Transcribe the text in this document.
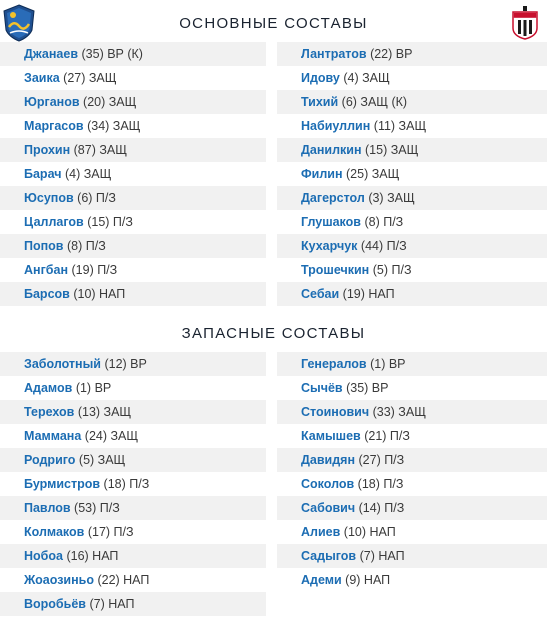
ОСНОВНЫЕ СОСТАВЫ
Джанаев (35) ВР (К)
Заика (27) ЗАЩ
Юрганов (20) ЗАЩ
Маргасов (34) ЗАЩ
Прохин (87) ЗАЩ
Барач (4) ЗАЩ
Юсупов (6) П/З
Цаллагов (15) П/З
Попов (8) П/З
Ангбан (19) П/З
Барсов (10) НАП
Лантратов (22) ВР
Идову (4) ЗАЩ
Тихий (6) ЗАЩ (К)
Набиуллин (11) ЗАЩ
Данилкин (15) ЗАЩ
Филин (25) ЗАЩ
Дагерстол (3) ЗАЩ
Глушаков (8) П/З
Кухарчук (44) П/З
Трошечкин (5) П/З
Себаи (19) НАП
ЗАПАСНЫЕ СОСТАВЫ
Заболотный (12) ВР
Адамов (1) ВР
Терехов (13) ЗАЩ
Маммана (24) ЗАЩ
Родриго (5) ЗАЩ
Бурмистров (18) П/З
Павлов (53) П/З
Колмаков (17) П/З
Нобоа (16) НАП
Жоаозиньо (22) НАП
Воробьёв (7) НАП
Генералов (1) ВР
Сычёв (35) ВР
Стоинович (33) ЗАЩ
Камышев (21) П/З
Давидян (27) П/З
Соколов (18) П/З
Сабович (14) П/З
Алиев (10) НАП
Садыгов (7) НАП
Адеми (9) НАП
